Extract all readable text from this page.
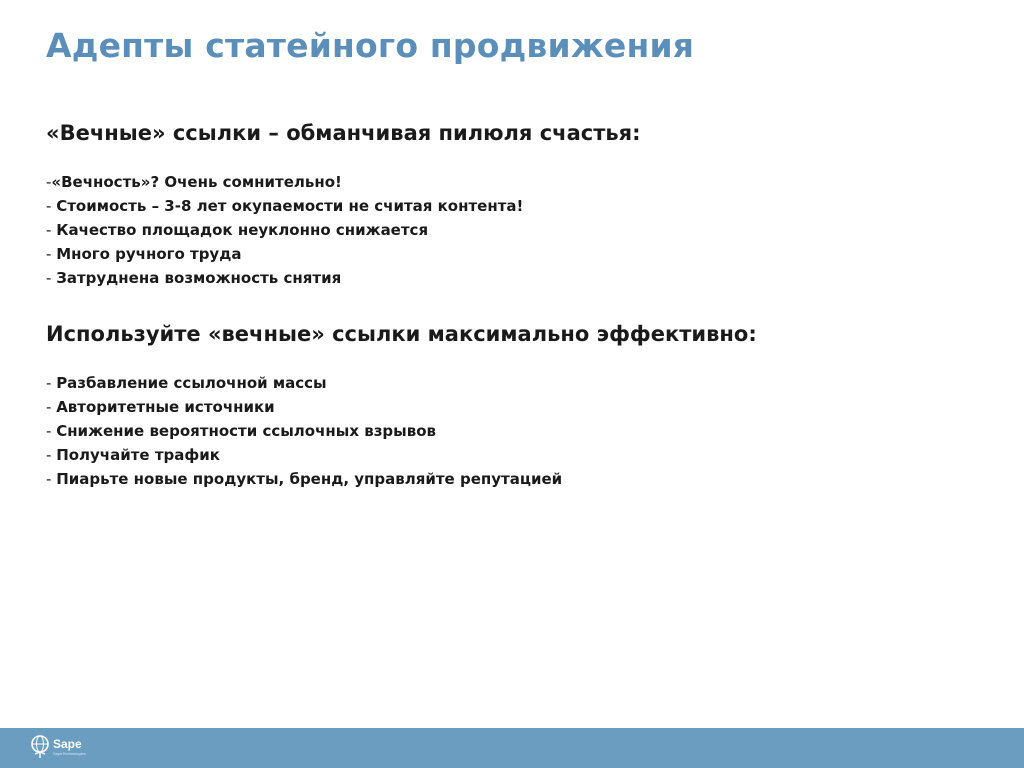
Адепты статейного продвижения
«Вечные» ссылки – обманчивая пилюля счастья:
-«Вечность»? Очень сомнительно!
- Стоимость – 3-8 лет окупаемости не считая контента!
- Качество площадок неуклонно снижается
- Много ручного труда
- Затруднена возможность снятия
Используйте «вечные» ссылки максимально эффективно:
- Разбавление ссылочной массы
- Авторитетные источники
- Снижение вероятности ссылочных взрывов
- Получайте трафик
- Пиарьте новые продукты, бренд, управляйте репутацией
Sape
SapeTechnologies
